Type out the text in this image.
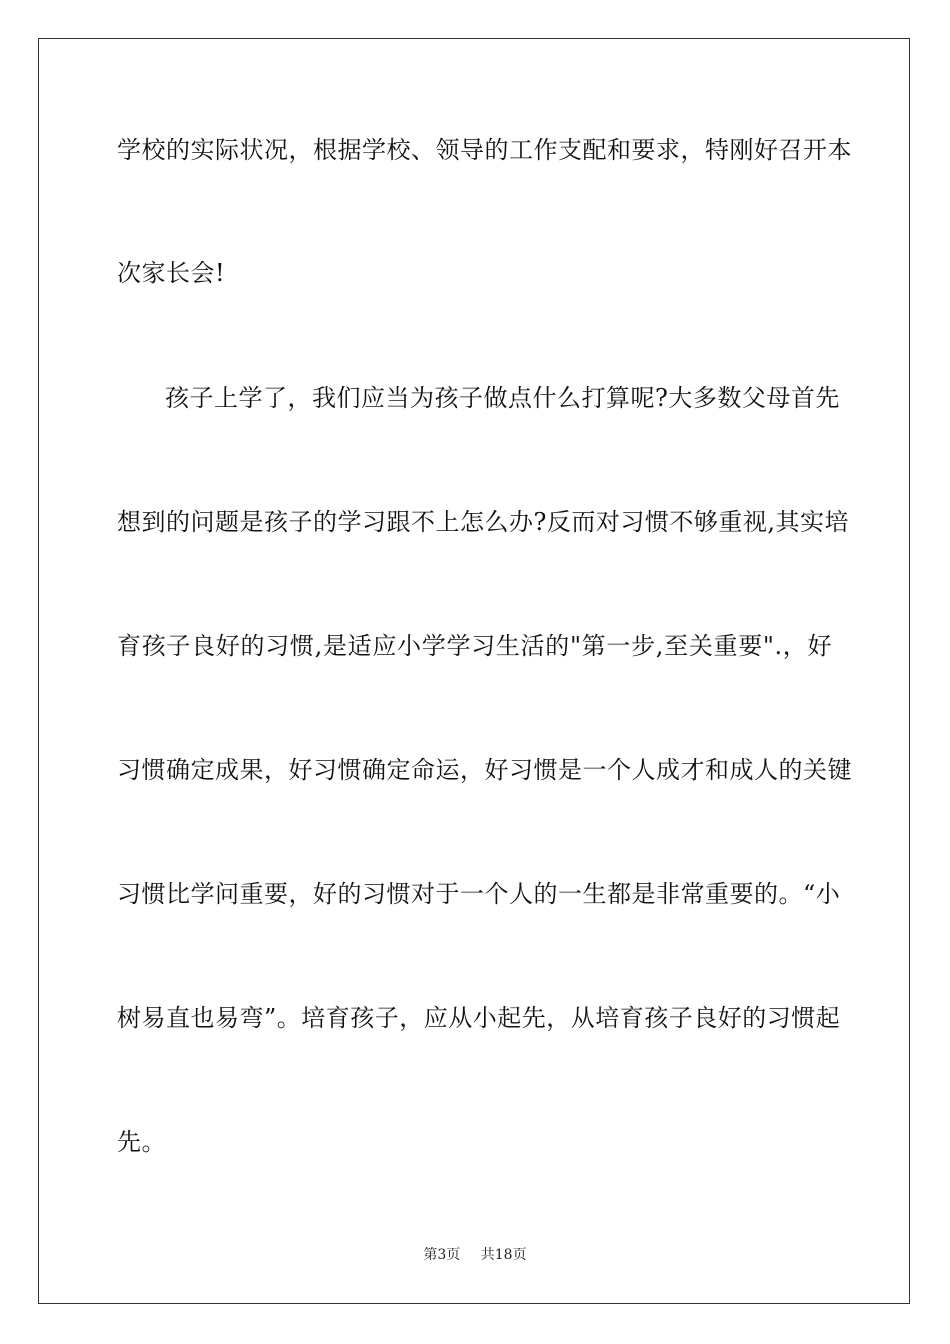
学校的实际状况，根据学校、领导的工作支配和要求，特刚好召开本
次家长会!
孩子上学了，我们应当为孩子做点什么打算呢?大多数父母首先
想到的问题是孩子的学习跟不上怎么办?反而对习惯不够重视,其实培
育孩子良好的习惯,是适应小学学习生活的"第一步,至关重要".，好
习惯确定成果，好习惯确定命运，好习惯是一个人成才和成人的关键
习惯比学问重要，好的习惯对于一个人的一生都是非常重要的。“小
树易直也易弯”。培育孩子，应从小起先，从培育孩子良好的习惯起
先。
第3页 共18页
